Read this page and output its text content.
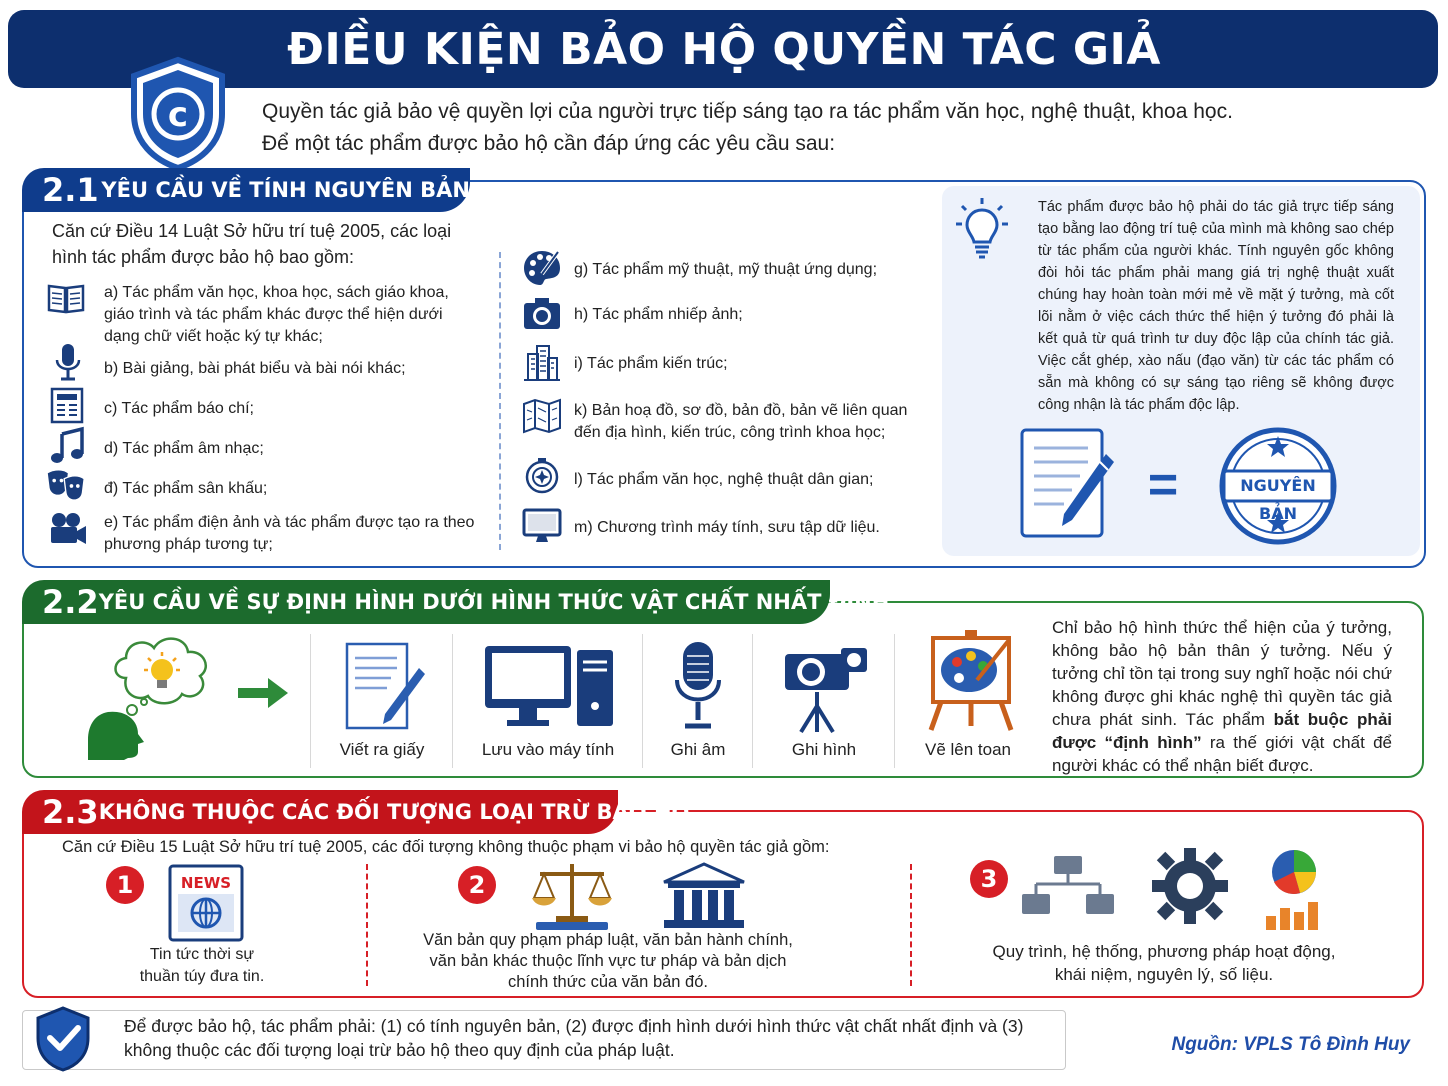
ĐIỀU KIỆN BẢO HỘ QUYỀN TÁC GIẢ
c	Quyền tác giả bảo vệ quyền lợi của người trực tiếp sáng tạo ra tác phẩm văn học, nghệ thuật, khoa học.
Để một tác phẩm được bảo hộ cần đáp ứng các yêu cầu sau:
2.1 YÊU CẦU VỀ TÍNH NGUYÊN BẢN
Căn cứ Điều 14 Luật Sở hữu trí tuệ 2005, các loại hình tác phẩm được bảo hộ bao gồm:
a) Tác phẩm văn học, khoa học, sách giáo khoa, giáo trình và tác phẩm khác được thể hiện dưới dạng chữ viết hoặc ký tự khác;
b) Bài giảng, bài phát biểu và bài nói khác;
c) Tác phẩm báo chí;
d) Tác phẩm âm nhạc;
đ) Tác phẩm sân khấu;
e) Tác phẩm điện ảnh và tác phẩm được tạo ra theo phương pháp tương tự;
g) Tác phẩm mỹ thuật, mỹ thuật ứng dụng;
h) Tác phẩm nhiếp ảnh;
i) Tác phẩm kiến trúc;
k) Bản hoạ đồ, sơ đồ, bản đồ, bản vẽ liên quan đến địa hình, kiến trúc, công trình khoa học;
l) Tác phẩm văn học, nghệ thuật dân gian;
m) Chương trình máy tính, sưu tập dữ liệu.
Tác phẩm được bảo hộ phải do tác giả trực tiếp sáng tạo bằng lao động trí tuệ của mình mà không sao chép từ tác phẩm của người khác. Tính nguyên gốc không đòi hỏi tác phẩm phải mang giá trị nghệ thuật xuất chúng hay hoàn toàn mới mẻ về mặt ý tưởng, mà cốt lõi nằm ở việc cách thức thể hiện ý tưởng đó phải là kết quả từ quá trình tư duy độc lập của chính tác giả. Việc cắt ghép, xào nấu (đạo văn) từ các tác phẩm có sẵn mà không có sự sáng tạo riêng sẽ không được công nhận là tác phẩm độc lập.
=	NGUYÊN BẢN
2.2 YÊU CẦU VỀ SỰ ĐỊNH HÌNH DƯỚI HÌNH THỨC VẬT CHẤT NHẤT ĐỊNH
Viết ra giấy	Lưu vào máy tính	Ghi âm	Ghi hình	Vẽ lên toan
Chỉ bảo hộ hình thức thể hiện của ý tưởng, không bảo hộ bản thân ý tưởng. Nếu ý tưởng chỉ tồn tại trong suy nghĩ hoặc nói chứ không được ghi khác nghệ thì quyền tác giả chưa phát sinh. Tác phẩm bắt buộc phải được “định hình” ra thế giới vật chất để người khác có thể nhận biết được.
2.3 KHÔNG THUỘC CÁC ĐỐI TƯỢNG LOẠI TRỪ BẢO HỘ
Căn cứ Điều 15 Luật Sở hữu trí tuệ 2005, các đối tượng không thuộc phạm vi bảo hộ quyền tác giả gồm:
1	NEWS
Tin tức thời sự thuần túy đưa tin.
2
Văn bản quy phạm pháp luật, văn bản hành chính, văn bản khác thuộc lĩnh vực tư pháp và bản dịch chính thức của văn bản đó.
3
Quy trình, hệ thống, phương pháp hoạt động, khái niệm, nguyên lý, số liệu.
Để được bảo hộ, tác phẩm phải: (1) có tính nguyên bản, (2) được định hình dưới hình thức vật chất nhất định và (3) không thuộc các đối tượng loại trừ bảo hộ theo quy định của pháp luật.	Nguồn: VPLS Tô Đình Huy
